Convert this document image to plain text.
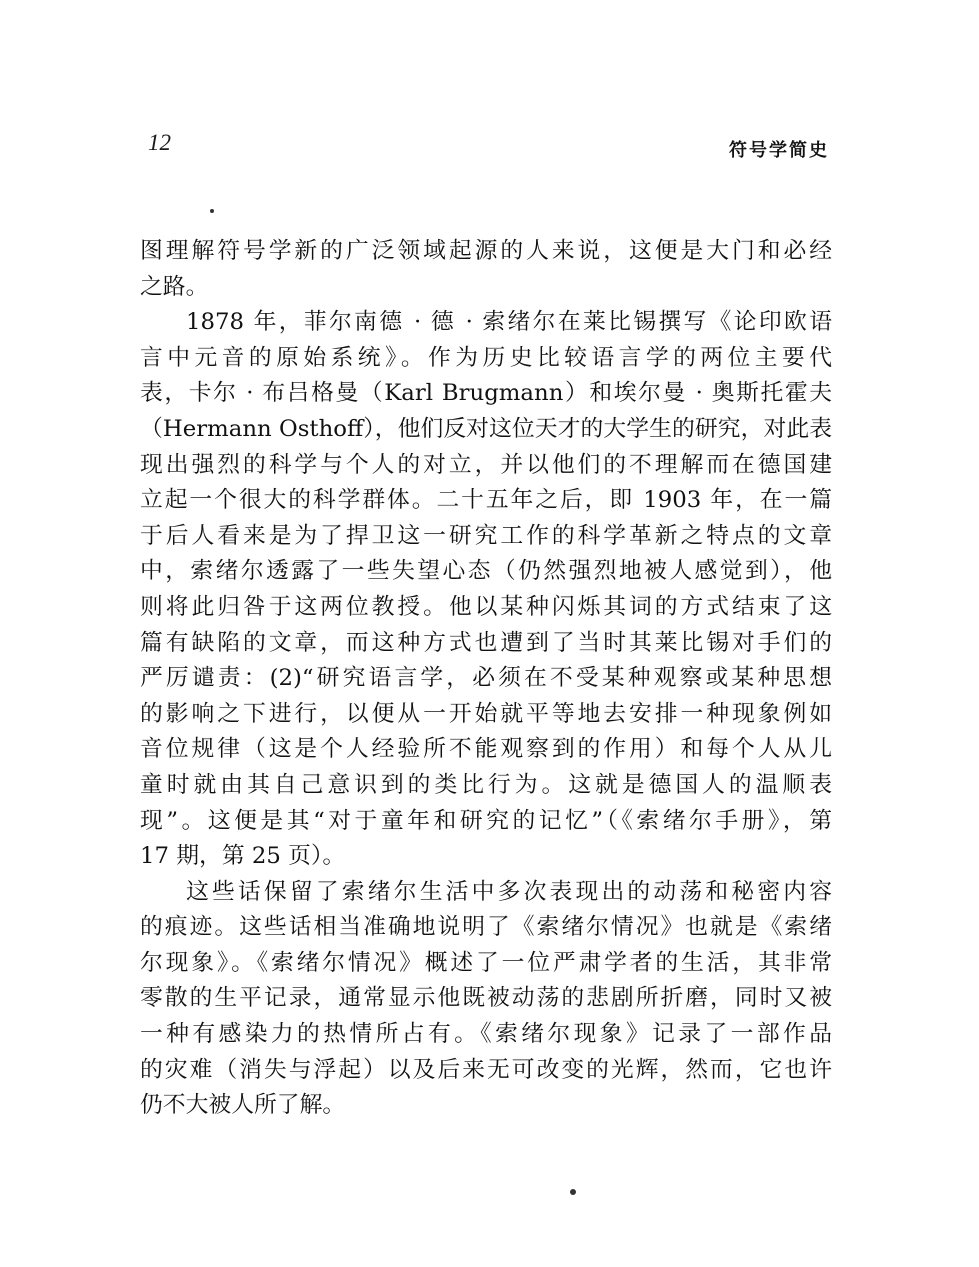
12	符号学简史
图理解符号学新的广泛领域起源的人来说，这便是大门和必经
之路。
1878 年，菲尔南德 · 德 · 索绪尔在莱比锡撰写《论印欧语
言中元音的原始系统》。作为历史比较语言学的两位主要代
表，卡尔 · 布吕格曼（Karl Brugmann）和埃尔曼 · 奥斯托霍夫
（Hermann Osthoff），他们反对这位天才的大学生的研究，对此表
现出强烈的科学与个人的对立，并以他们的不理解而在德国建
立起一个很大的科学群体。二十五年之后，即 1903 年，在一篇
于后人看来是为了捍卫这一研究工作的科学革新之特点的文章
中，索绪尔透露了一些失望心态（仍然强烈地被人感觉到），他
则将此归咎于这两位教授。他以某种闪烁其词的方式结束了这
篇有缺陷的文章，而这种方式也遭到了当时其莱比锡对手们的
严厉谴责：(2)“研究语言学，必须在不受某种观察或某种思想
的影响之下进行，以便从一开始就平等地去安排一种现象例如
音位规律（这是个人经验所不能观察到的作用）和每个人从儿
童时就由其自己意识到的类比行为。这就是德国人的温顺表
现”。这便是其“对于童年和研究的记忆”（《索绪尔手册》，第
17 期，第 25 页）。
这些话保留了索绪尔生活中多次表现出的动荡和秘密内容
的痕迹。这些话相当准确地说明了《索绪尔情况》也就是《索绪
尔现象》。《索绪尔情况》概述了一位严肃学者的生活，其非常
零散的生平记录，通常显示他既被动荡的悲剧所折磨，同时又被
一种有感染力的热情所占有。《索绪尔现象》记录了一部作品
的灾难（消失与浮起）以及后来无可改变的光辉，然而，它也许
仍不大被人所了解。
